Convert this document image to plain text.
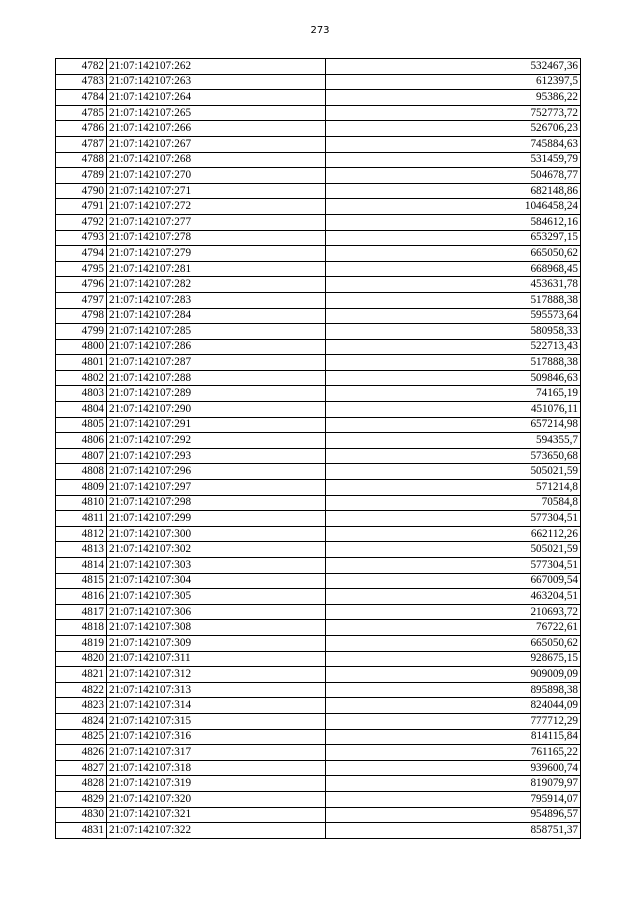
273
4782	21:07:142107:262	532467,36
4783	21:07:142107:263	612397,5
4784	21:07:142107:264	95386,22
4785	21:07:142107:265	752773,72
4786	21:07:142107:266	526706,23
4787	21:07:142107:267	745884,63
4788	21:07:142107:268	531459,79
4789	21:07:142107:270	504678,77
4790	21:07:142107:271	682148,86
4791	21:07:142107:272	1046458,24
4792	21:07:142107:277	584612,16
4793	21:07:142107:278	653297,15
4794	21:07:142107:279	665050,62
4795	21:07:142107:281	668968,45
4796	21:07:142107:282	453631,78
4797	21:07:142107:283	517888,38
4798	21:07:142107:284	595573,64
4799	21:07:142107:285	580958,33
4800	21:07:142107:286	522713,43
4801	21:07:142107:287	517888,38
4802	21:07:142107:288	509846,63
4803	21:07:142107:289	74165,19
4804	21:07:142107:290	451076,11
4805	21:07:142107:291	657214,98
4806	21:07:142107:292	594355,7
4807	21:07:142107:293	573650,68
4808	21:07:142107:296	505021,59
4809	21:07:142107:297	571214,8
4810	21:07:142107:298	70584,8
4811	21:07:142107:299	577304,51
4812	21:07:142107:300	662112,26
4813	21:07:142107:302	505021,59
4814	21:07:142107:303	577304,51
4815	21:07:142107:304	667009,54
4816	21:07:142107:305	463204,51
4817	21:07:142107:306	210693,72
4818	21:07:142107:308	76722,61
4819	21:07:142107:309	665050,62
4820	21:07:142107:311	928675,15
4821	21:07:142107:312	909009,09
4822	21:07:142107:313	895898,38
4823	21:07:142107:314	824044,09
4824	21:07:142107:315	777712,29
4825	21:07:142107:316	814115,84
4826	21:07:142107:317	761165,22
4827	21:07:142107:318	939600,74
4828	21:07:142107:319	819079,97
4829	21:07:142107:320	795914,07
4830	21:07:142107:321	954896,57
4831	21:07:142107:322	858751,37
